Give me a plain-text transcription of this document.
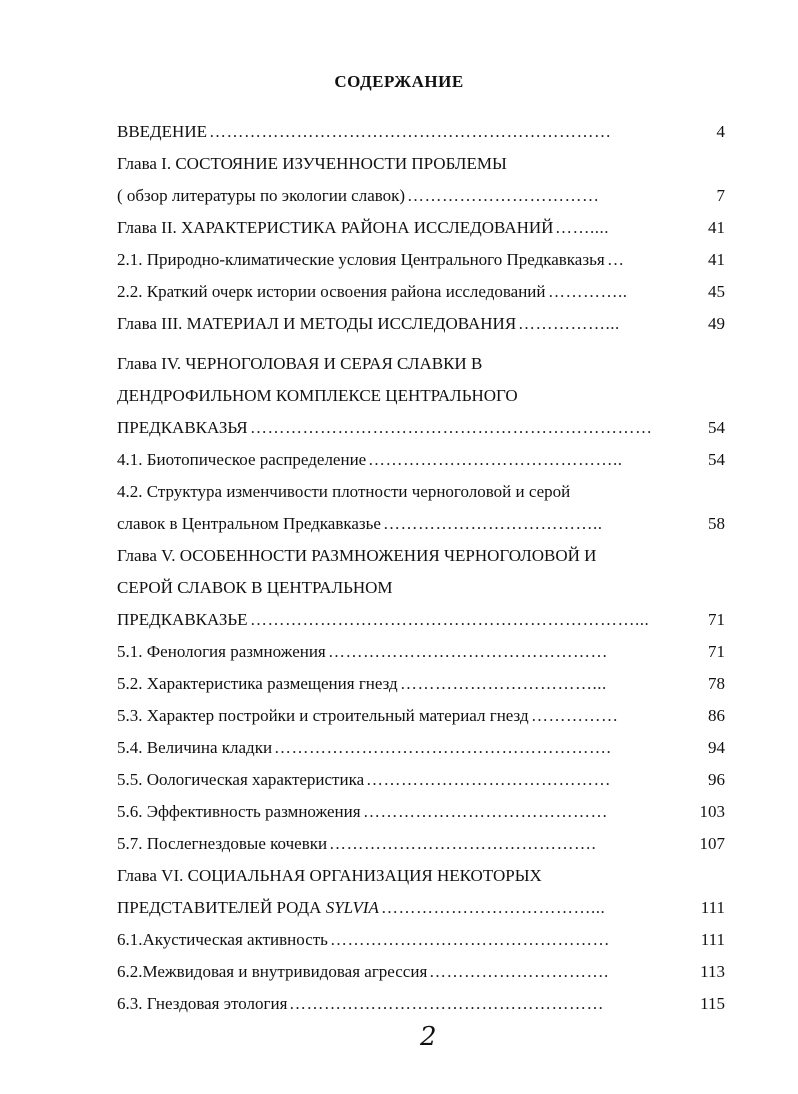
СОДЕРЖАНИЕ
ВВЕДЕНИЕ ……………………………………………………………	4
Глава I. СОСТОЯНИЕ ИЗУЧЕННОСТИ ПРОБЛЕМЫ
( обзор литературы по экологии славок) ……………………………	7
Глава II. ХАРАКТЕРИСТИКА РАЙОНА ИССЛЕДОВАНИЙ ……....	41
2.1. Природно-климатические условия Центрального Предкавказья …	41
2.2. Краткий очерк истории освоения района исследований …………..	45
Глава III. МАТЕРИАЛ И МЕТОДЫ ИССЛЕДОВАНИЯ ……………...	49
Глава IV. ЧЕРНОГОЛОВАЯ И СЕРАЯ СЛАВКИ В
ДЕНДРОФИЛЬНОМ КОМПЛЕКСЕ ЦЕНТРАЛЬНОГО
ПРЕДКАВКАЗЬЯ ……………………………………………………………	54
4.1. Биотопическое распределение ……………………………………..	54
4.2. Структура изменчивости плотности черноголовой и серой
славок в Центральном Предкавказье ………………………………..	58
Глава V. ОСОБЕННОСТИ РАЗМНОЖЕНИЯ ЧЕРНОГОЛОВОЙ И
СЕРОЙ СЛАВОК В ЦЕНТРАЛЬНОМ
ПРЕДКАВКАЗЬЕ …………………………………………………………...	71
5.1. Фенология размножения …………………………………………	71
5.2. Характеристика размещения гнезд ……………………………...	78
5.3. Характер постройки и строительный материал гнезд ……………	86
5.4. Величина кладки ………………………………………………….	94
5.5. Оологическая характеристика ……………………………………	96
5.6. Эффективность размножения ……………………………………	103
5.7. Послегнездовые кочевки ……………………………………….	107
Глава VI. СОЦИАЛЬНАЯ ОРГАНИЗАЦИЯ НЕКОТОРЫХ
ПРЕДСТАВИТЕЛЕЙ РОДА SYLVIA ………………………………...	111
6.1.Акустическая активность …………………………………………	111
6.2.Межвидовая и внутривидовая агрессия ………………………….	113
6.3. Гнездовая этология ………………………………………………	115
2
